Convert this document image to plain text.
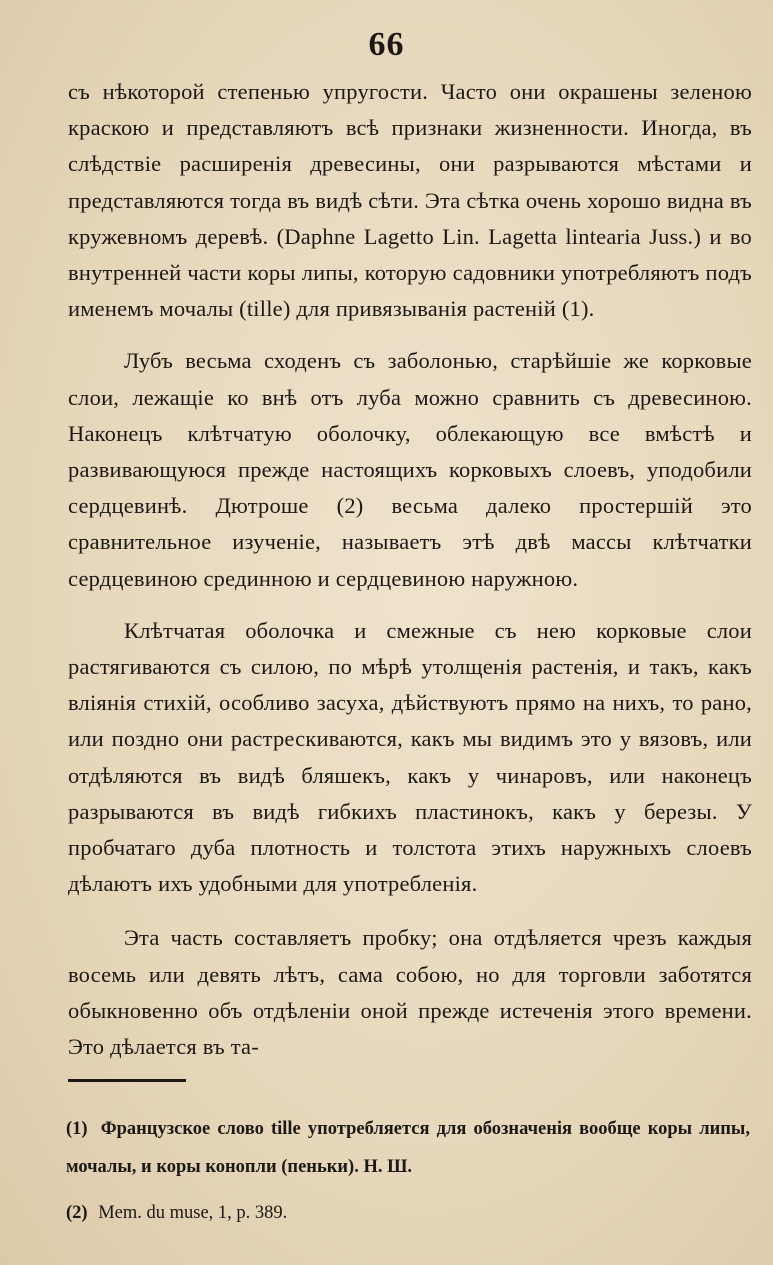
66

съ нѣкоторой степенью упругости. Часто они окрашены зеленою краскою и представляютъ всѣ признаки жизненности. Иногда, въ слѣдствіе расширенія древесины, они разрываются мѣстами и представляются тогда въ видѣ сѣти. Эта сѣтка очень хорошо видна въ кружевномъ деревѣ. (Daphne Lagetto Lin. Lagetta lintearia Juss.) и во внутренней части коры липы, которую садовники употребляютъ подъ именемъ мочалы (tille) для привязыванія растеній (1).

Лубъ весьма сходенъ съ заболонью, старѣйшіе же корковые слои, лежащіе ко внѣ отъ луба можно сравнить съ древесиною. Наконецъ клѣтчатую оболочку, облекающую все вмѣстѣ и развивающуюся прежде настоящихъ корковыхъ слоевъ, уподобили сердцевинѣ. Дютроше (2) весьма далеко простершій это сравнительное изученіе, называетъ этѣ двѣ массы клѣтчатки сердцевиною срединною и сердцевиною наружною.

Клѣтчатая оболочка и смежные съ нею корковые слои растягиваются съ силою, по мѣрѣ утолщенія растенія, и такъ, какъ вліянія стихій, особливо засуха, дѣйствуютъ прямо на нихъ, то рано, или поздно они растрескиваются, какъ мы видимъ это у вязовъ, или отдѣляются въ видѣ бляшекъ, какъ у чинаровъ, или наконецъ разрываются въ видѣ гибкихъ пластинокъ, какъ у березы. У пробчатаго дуба плотность и толстота этихъ наружныхъ слоевъ дѣлаютъ ихъ удобными для употребленія.

Эта часть составляетъ пробку; она отдѣляется чрезъ каждыя восемь или девять лѣтъ, сама собою, но для торговли заботятся обыкновенно объ отдѣленіи оной прежде истеченія этого времени. Это дѣлается въ та-

(1) Французское слово tille употребляется для обозначенія вообще коры липы, мочалы, и коры конопли (пеньки). Н. Ш.

(2) Mem. du muse, 1, p. 389.
